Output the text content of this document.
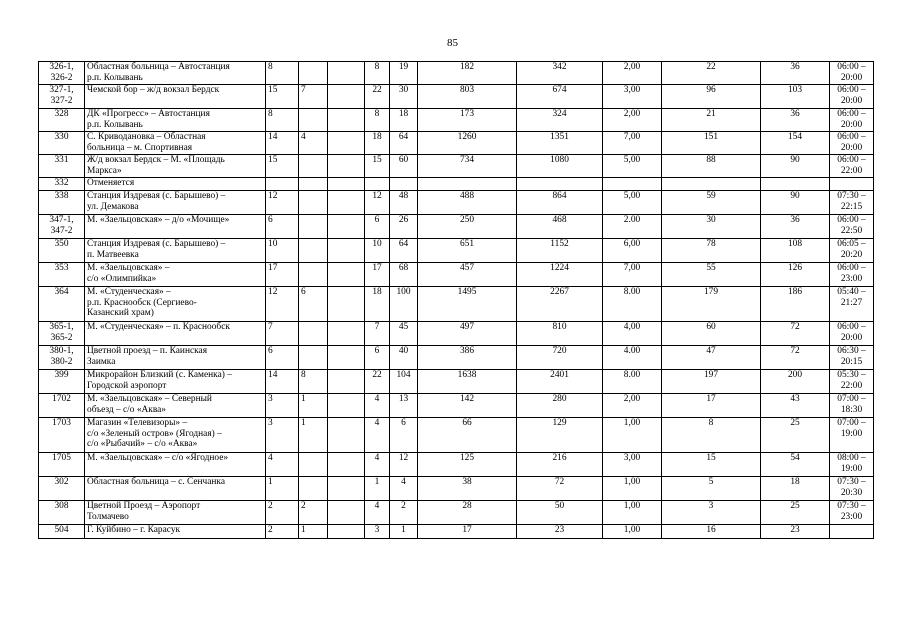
85
326-1,
326-2	Областная больница – Автостанция
р.п. Колывань	8			8	19	182	342	2,00	22	36	06:00 –
20:00

327-1,
327-2	Чемской бор – ж/д вокзал Бердск	15	7		22	30	803	674	3,00	96	103	06:00 –
20:00

328	ДК «Прогресс» – Автостанция
р.п. Колывань	8			8	18	173	324	2,00	21	36	06:00 –
20:00

330	С. Криводановка – Областная
больница – м. Спортивная	14	4		18	64	1260	1351	7,00	151	154	06:00 –
20:00

331	Ж/д вокзал Бердск – М. «Площадь
Маркса»	15			15	60	734	1080	5,00	88	90	06:00 –
22:00

332	Отменяется											

338	Станция Издревая (с. Барышево) –
ул. Демакова	12			12	48	488	864	5,00	59	90	07:30 –
22:15

347-1,
347-2	М. «Заельцовская» – д/о «Мочище»	6			6	26	250	468	2.00	30	36	06:00 –
22:50

350	Станция Издревая (с. Барышево) –
п. Матвеевка	10			10	64	651	1152	6,00	78	108	06:05 –
20:20

353	М. «Заельцовская» –
с/о «Олимпийка»	17			17	68	457	1224	7,00	55	126	06:00 –
23:00

364	М. «Студенческая» –
р.п. Краснообск (Сергиево-
Казанский храм)	12	6		18	100	1495	2267	8.00	179	186	05:40 –
21:27

365-1,
365-2	М. «Студенческая» – п. Краснообск	7			7	45	497	810	4,00	60	72	06:00 –
20:00

380-1,
380-2	Цветной проезд – п. Каинская
Заимка	6			6	40	386	720	4.00	47	72	06:30 –
20:15

399	Микрорайон Близкий (с. Каменка) –
Городской аэропорт	14	8		22	104	1638	2401	8.00	197	200	05:30 –
22:00

1702	М. «Заельцовская» – Северный
объезд – с/о «Аква»	3	1		4	13	142	280	2,00	17	43	07:00 –
18:30

1703	Магазин «Телевизоры» –
с/о «Зеленый остров» (Ягодная) –
с/о «Рыбачий» – с/о «Аква»	3	1		4	6	66	129	1,00	8	25	07:00 –
19:00

1705	М. «Заельцовская» – с/о «Ягодное»	4			4	12	125	216	3,00	15	54	08:00 –
19:00

302	Областная больница – с. Сенчанка	1			1	4	38	72	1,00	5	18	07:30 –
20:30

308	Цветной Проезд – Аэропорт
Толмачево	2	2		4	2	28	50	1,00	3	25	07:30 –
23:00

504	Г. Куйбино – г. Карасук	2	1		3	1	17	23	1,00	16	23	
